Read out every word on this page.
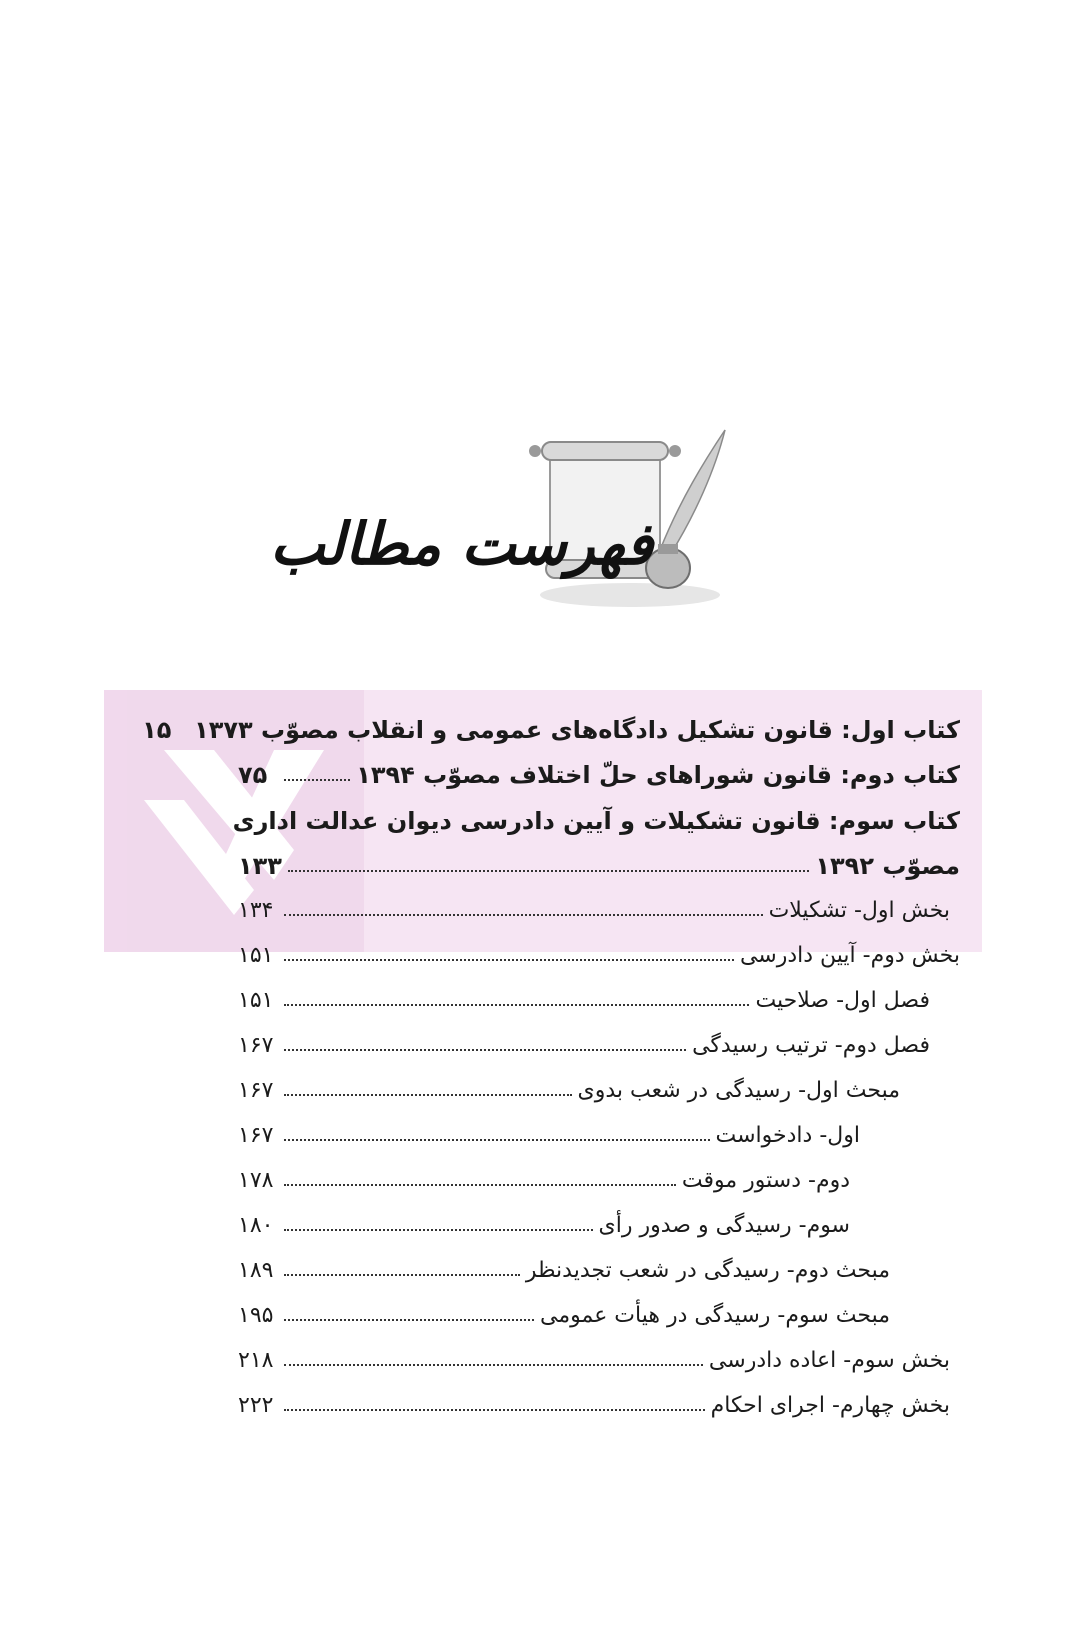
فهرست مطالب
کتاب اول: قانون تشکیل دادگاه‌های عمومی و انقلاب مصوّب ۱۳۷۳
۱۵
کتاب دوم: قانون شوراهای حلّ اختلاف مصوّب ۱۳۹۴
۷۵
کتاب سوم: قانون تشکیلات و آیین دادرسی دیوان عدالت اداری
مصوّب ۱۳۹۲
۱۳۳
بخش اول- تشکیلات
۱۳۴
بخش دوم- آیین دادرسی
۱۵۱
فصل اول- صلاحیت
۱۵۱
فصل دوم- ترتیب رسیدگی
۱۶۷
مبحث اول- رسیدگی در شعب بدوی
۱۶۷
اول- دادخواست
۱۶۷
دوم- دستور موقت
۱۷۸
سوم- رسیدگی و صدور رأی
۱۸۰
مبحث دوم- رسیدگی در شعب تجدیدنظر
۱۸۹
مبحث سوم- رسیدگی در هیأت عمومی
۱۹۵
بخش سوم- اعاده دادرسی
۲۱۸
بخش چهارم- اجرای احکام
۲۲۲
